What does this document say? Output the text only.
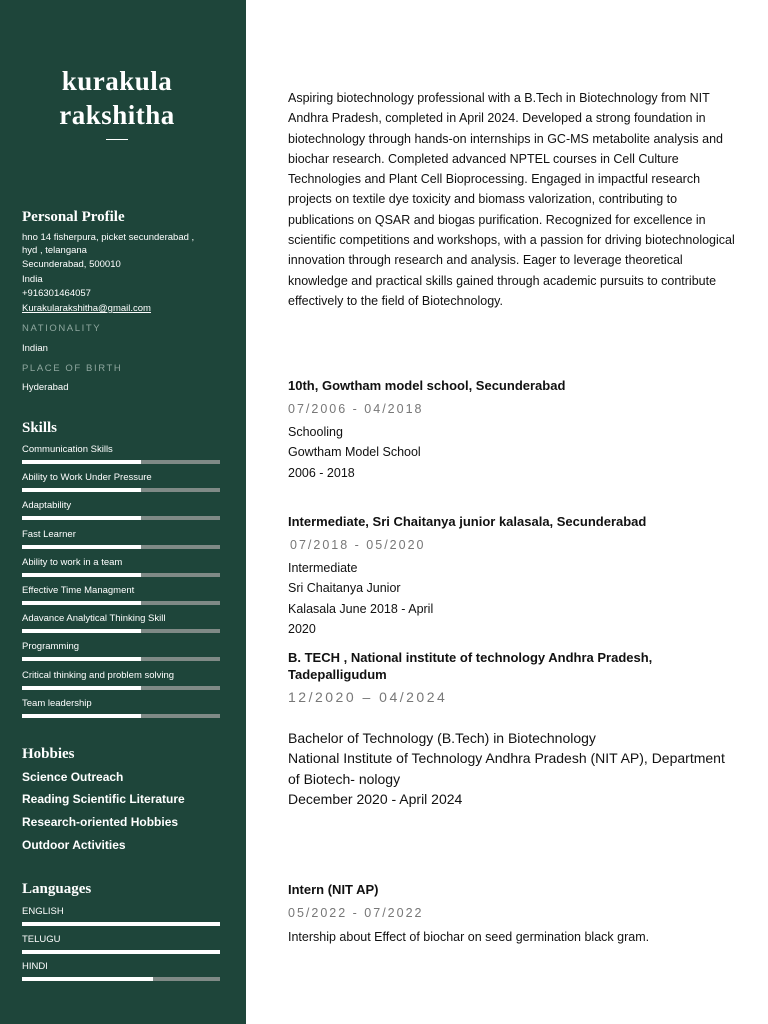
kurakula
rakshitha
Personal Profile
hno 14 fisherpura, picket secunderabad ,
hyd , telangana
Secunderabad, 500010
India
+916301464057
Kurakularakshitha@gmail.com
NATIONALITY
Indian
PLACE OF BIRTH
Hyderabad
Skills
Communication Skills
Ability to Work Under Pressure
Adaptability
Fast Learner
Ability to work in a team
Effective Time Managment
Adavance Analytical Thinking Skill
Programming
Critical thinking and problem solving
Team leadership
Hobbies
Science Outreach
Reading Scientific Literature
Research-oriented Hobbies
Outdoor Activities
Languages
ENGLISH
TELUGU
HINDI
Aspiring biotechnology professional with a B.Tech in Biotechnology from NIT Andhra Pradesh, completed in April 2024. Developed a strong foundation in biotechnology through hands-on internships in GC-MS metabolite analysis and biochar research. Completed advanced NPTEL courses in Cell Culture Technologies and Plant Cell Bioprocessing. Engaged in impactful research projects on textile dye toxicity and biomass valorization, contributing to publications on QSAR and biogas purification. Recognized for excellence in scientific competitions and workshops, with a passion for driving biotechnological innovation through research and analysis. Eager to leverage theoretical knowledge and practical skills gained through academic pursuits to contribute effectively to the field of Biotechnology.
10th, Gowtham model school, Secunderabad
07/2006 - 04/2018
Schooling
Gowtham Model School
2006 - 2018
Intermediate, Sri Chaitanya junior kalasala, Secunderabad
07/2018 - 05/2020
Intermediate
Sri Chaitanya Junior
Kalasala June 2018 - April
2020
B. TECH , National institute of technology Andhra Pradesh, Tadepalligudum
12/2020 – 04/2024
Bachelor of Technology (B.Tech) in Biotechnology
National Institute of Technology Andhra Pradesh (NIT AP), Department of Biotech- nology
December 2020 - April 2024
Intern (NIT AP)
05/2022 - 07/2022
Intership about Effect of biochar on seed germination black gram.
